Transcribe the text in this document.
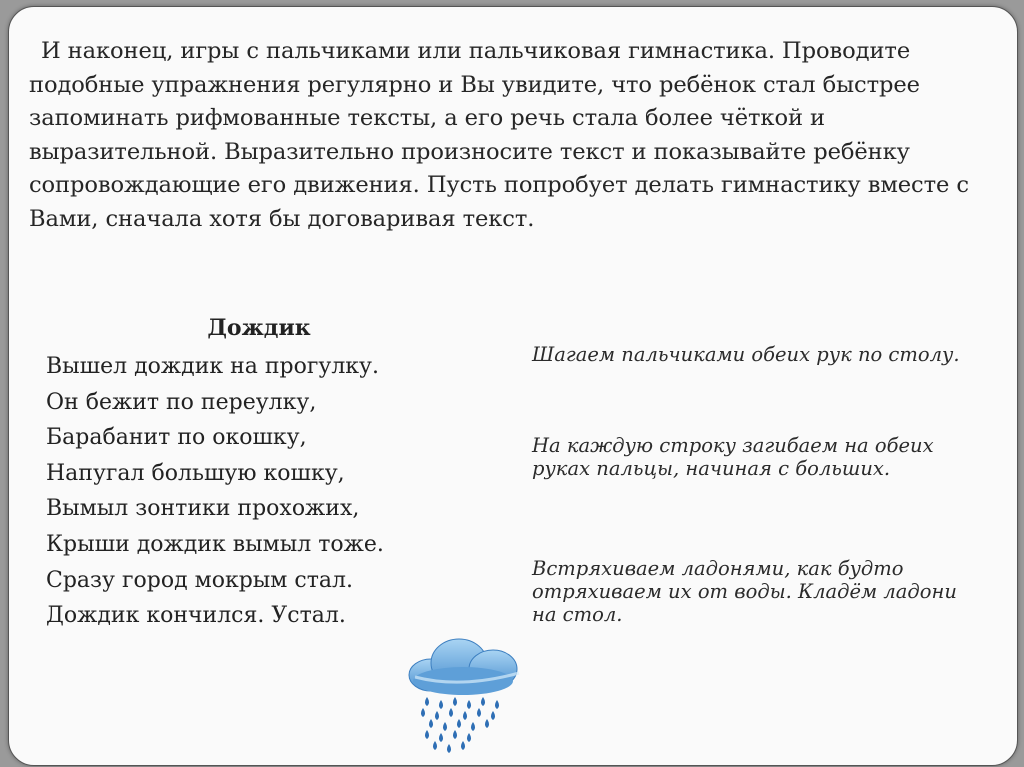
И наконец, игры с пальчиками или пальчиковая гимнастика. Проводите подобные упражнения регулярно и Вы увидите, что ребёнок стал быстрее запоминать рифмованные тексты, а его речь стала более чёткой и выразительной. Выразительно произносите текст и показывайте ребёнку сопровождающие его движения. Пусть попробует делать гимнастику вместе с Вами, сначала хотя бы договаривая текст.

Дождик
Вышел дождик на прогулку.
Он бежит по переулку,
Барабанит по окошку,
Напугал большую кошку,
Вымыл зонтики прохожих,
Крыши дождик вымыл тоже.
Сразу город мокрым стал.
Дождик кончился. Устал.

Шагаем пальчиками обеих рук по столу.

На каждую строку загибаем на обеих руках пальцы, начиная с больших.

Встряхиваем ладонями, как будто отряхиваем их от воды. Кладём ладони на стол.
